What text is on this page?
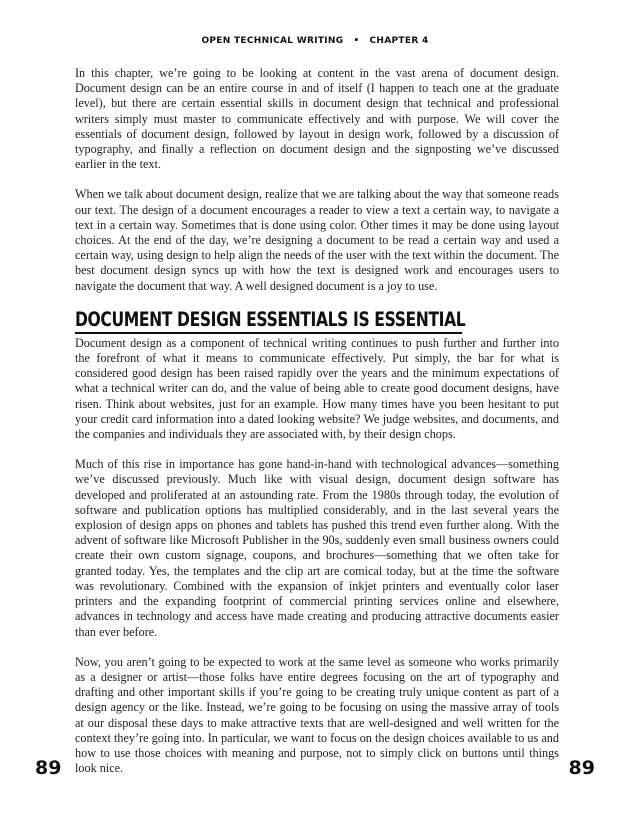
OPEN TECHNICAL WRITING • CHAPTER 4

In this chapter, we’re going to be looking at content in the vast arena of document design. Document design can be an entire course in and of itself (I happen to teach one at the graduate level), but there are certain essential skills in document design that technical and professional writers simply must master to communicate effectively and with purpose. We will cover the essentials of document design, followed by layout in design work, followed by a discussion of typography, and finally a reflection on document design and the signposting we’ve discussed earlier in the text.

When we talk about document design, realize that we are talking about the way that someone reads our text. The design of a document encourages a reader to view a text a certain way, to navigate a text in a certain way. Sometimes that is done using color. Other times it may be done using layout choices. At the end of the day, we’re designing a document to be read a certain way and used a certain way, using design to help align the needs of the user with the text within the document. The best document design syncs up with how the text is designed work and encourages users to navigate the document that way. A well designed document is a joy to use.

DOCUMENT DESIGN ESSENTIALS IS ESSENTIAL

Document design as a component of technical writing continues to push further and further into the forefront of what it means to communicate effectively. Put simply, the bar for what is considered good design has been raised rapidly over the years and the minimum expectations of what a technical writer can do, and the value of being able to create good document designs, have risen. Think about websites, just for an example. How many times have you been hesitant to put your credit card information into a dated looking website? We judge websites, and documents, and the companies and individuals they are associated with, by their design chops.

Much of this rise in importance has gone hand-in-hand with technological advances—something we’ve discussed previously. Much like with visual design, document design software has developed and proliferated at an astounding rate. From the 1980s through today, the evolution of software and publication options has multiplied considerably, and in the last several years the explosion of design apps on phones and tablets has pushed this trend even further along. With the advent of software like Microsoft Publisher in the 90s, suddenly even small business owners could create their own custom signage, coupons, and brochures—something that we often take for granted today. Yes, the templates and the clip art are comical today, but at the time the software was revolutionary. Combined with the expansion of inkjet printers and eventually color laser printers and the expanding footprint of commercial printing services online and elsewhere, advances in technology and access have made creating and producing attractive documents easier than ever before.

Now, you aren’t going to be expected to work at the same level as someone who works primarily as a designer or artist—those folks have entire degrees focusing on the art of typography and drafting and other important skills if you’re going to be creating truly unique content as part of a design agency or the like. Instead, we’re going to be focusing on using the massive array of tools at our disposal these days to make attractive texts that are well-designed and well written for the context they’re going into. In particular, we want to focus on the design choices available to us and how to use those choices with meaning and purpose, not to simply click on buttons until things look nice.

89	89
